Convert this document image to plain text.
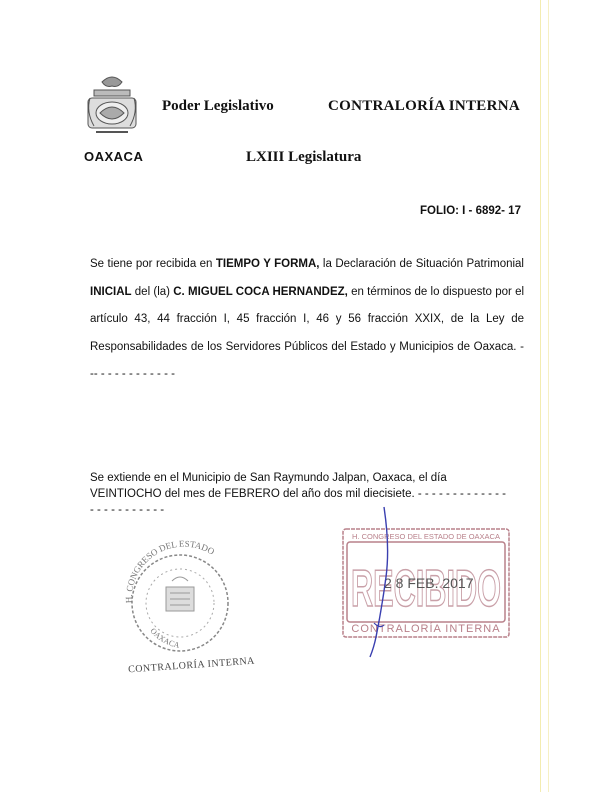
OAXACA
Poder Legislativo	CONTRALORÍA INTERNA
LXIII Legislatura
FOLIO: I - 6892- 17

Se tiene por recibida en TIEMPO Y FORMA, la Declaración de Situación Patrimonial INICIAL del (la) C. MIGUEL COCA HERNANDEZ, en términos de lo dispuesto por el artículo 43, 44 fracción I, 45 fracción I, 46 y 56 fracción XXIX, de la Ley de Responsabilidades de los Servidores Públicos del Estado y Municipios de Oaxaca. - -- - - - - - - - - - - -

Se extiende en el Municipio de San Raymundo Jalpan, Oaxaca, el día

VEINTIOCHO del mes de FEBRERO del año dos mil diecisiete. - - - - - - - - - - - - -

- - - - - - - - - - -

H. CONGRESO DEL ESTADO
OAXACA
CONTRALORÍA INTERNA
H. CONGRESO DEL ESTADO DE OAXACA
RECIBIDO
2 8 FEB. 2017
CONTRALORÍA INTERNA
